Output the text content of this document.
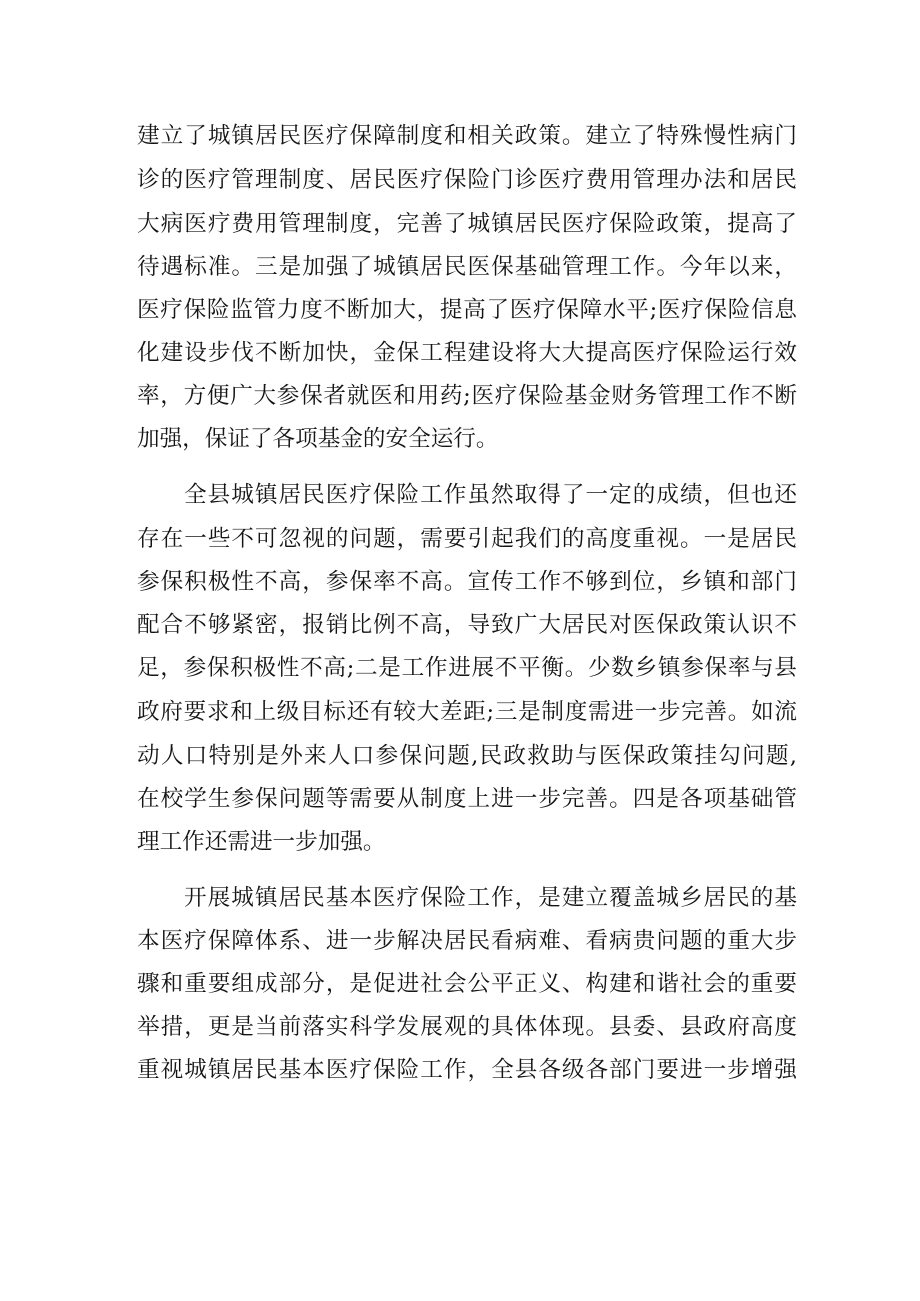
建立了城镇居民医疗保障制度和相关政策。建立了特殊慢性病门

诊的医疗管理制度、居民医疗保险门诊医疗费用管理办法和居民

大病医疗费用管理制度，完善了城镇居民医疗保险政策，提高了

待遇标准。三是加强了城镇居民医保基础管理工作。今年以来，

医疗保险监管力度不断加大，提高了医疗保障水平;医疗保险信息

化建设步伐不断加快，金保工程建设将大大提高医疗保险运行效

率，方便广大参保者就医和用药;医疗保险基金财务管理工作不断

加强，保证了各项基金的安全运行。

全县城镇居民医疗保险工作虽然取得了一定的成绩，但也还

存在一些不可忽视的问题，需要引起我们的高度重视。一是居民

参保积极性不高，参保率不高。宣传工作不够到位，乡镇和部门

配合不够紧密，报销比例不高，导致广大居民对医保政策认识不

足，参保积极性不高;二是工作进展不平衡。少数乡镇参保率与县

政府要求和上级目标还有较大差距;三是制度需进一步完善。如流

动人口特别是外来人口参保问题,民政救助与医保政策挂勾问题,

在校学生参保问题等需要从制度上进一步完善。四是各项基础管

理工作还需进一步加强。

开展城镇居民基本医疗保险工作，是建立覆盖城乡居民的基

本医疗保障体系、进一步解决居民看病难、看病贵问题的重大步

骤和重要组成部分，是促进社会公平正义、构建和谐社会的重要

举措，更是当前落实科学发展观的具体体现。县委、县政府高度

重视城镇居民基本医疗保险工作，全县各级各部门要进一步增强
